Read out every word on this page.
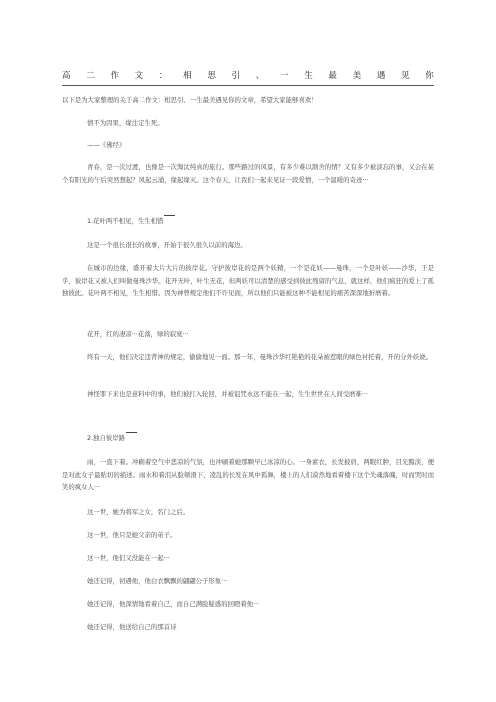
高 二 作 文 ： 相 思 引 、 一 生 最 美 遇 见 你
以下是为大家整理的关于高二作文：相思引、一生最美遇见你的文章，希望大家能够喜欢！
情不为因果，缘注定生死。
——《佛经》
青春，是一次过渡，也像是一次淘汰纯真的旅行。那些路过的风景，有多少难以割舍的情？又有多少被淡忘的事，又会在某个有阳光的午后突然想起？风起云涌，缘起缘灭。这个春天，让我们一起来见证一段爱情，一个温暖的奇迹···
1.花叶两不相见，生生相惜
这是一个很长很长的故事，开始于很久很久以前的海边。
在城市的边缘，盛开着大片大片的彼岸花。守护彼岸花的是两个妖精，一个是花妖——曼珠，一个是叶妖——沙华，于是乎，彼岸花又被人们叫做曼珠沙华。花开无叶，叶生无花，但两妖可以清楚的感受到彼此残留的气息，就这样，他们疯狂的爱上了孤独彼此。花叶两不相见，生生相惜。因为神曾规定他们不许见面，所以他们只能被这种不能相见的痛苦深深地折磨着。
花开，红的凄凉···花落，绿的寂寞···
终有一天，他们决定违背神的规定，偷偷地见一面。那一年，曼珠沙华红艳艳的花朵被惹眼的绿色衬托着，开的分外妖娆。
神怪罪下来也是意料中的事，他们被打入轮回，并被诅咒永远不能在一起，生生世世在人间受磨难···
2.独自彼岸路
雨，一直下着。冲刷着空气中悲凉的气氛，也冲刷着她那颗早已冰凉的心。一身素衣，长发披肩，两眼红肿，目光黯淡，便是对此女子最贴切的描述。雨水和着泪从脸颊滑下，凌乱的长发在风中孤舞，楼上的人们漠然地看着楼下这个失魂落魄，时而哭时而笑的疯女人···
这一世，她为将军之女，名门之后。
这一世，他只是她父亲的弟子。
这一世，他们又没能在一起···
她还记得，初遇他，他白衣飘飘的翩翩公子形象···
她还记得，他深情地看着自己，而自己满脸疑惑的回瞪着他···
她还记得，他送给自己的那首诗
